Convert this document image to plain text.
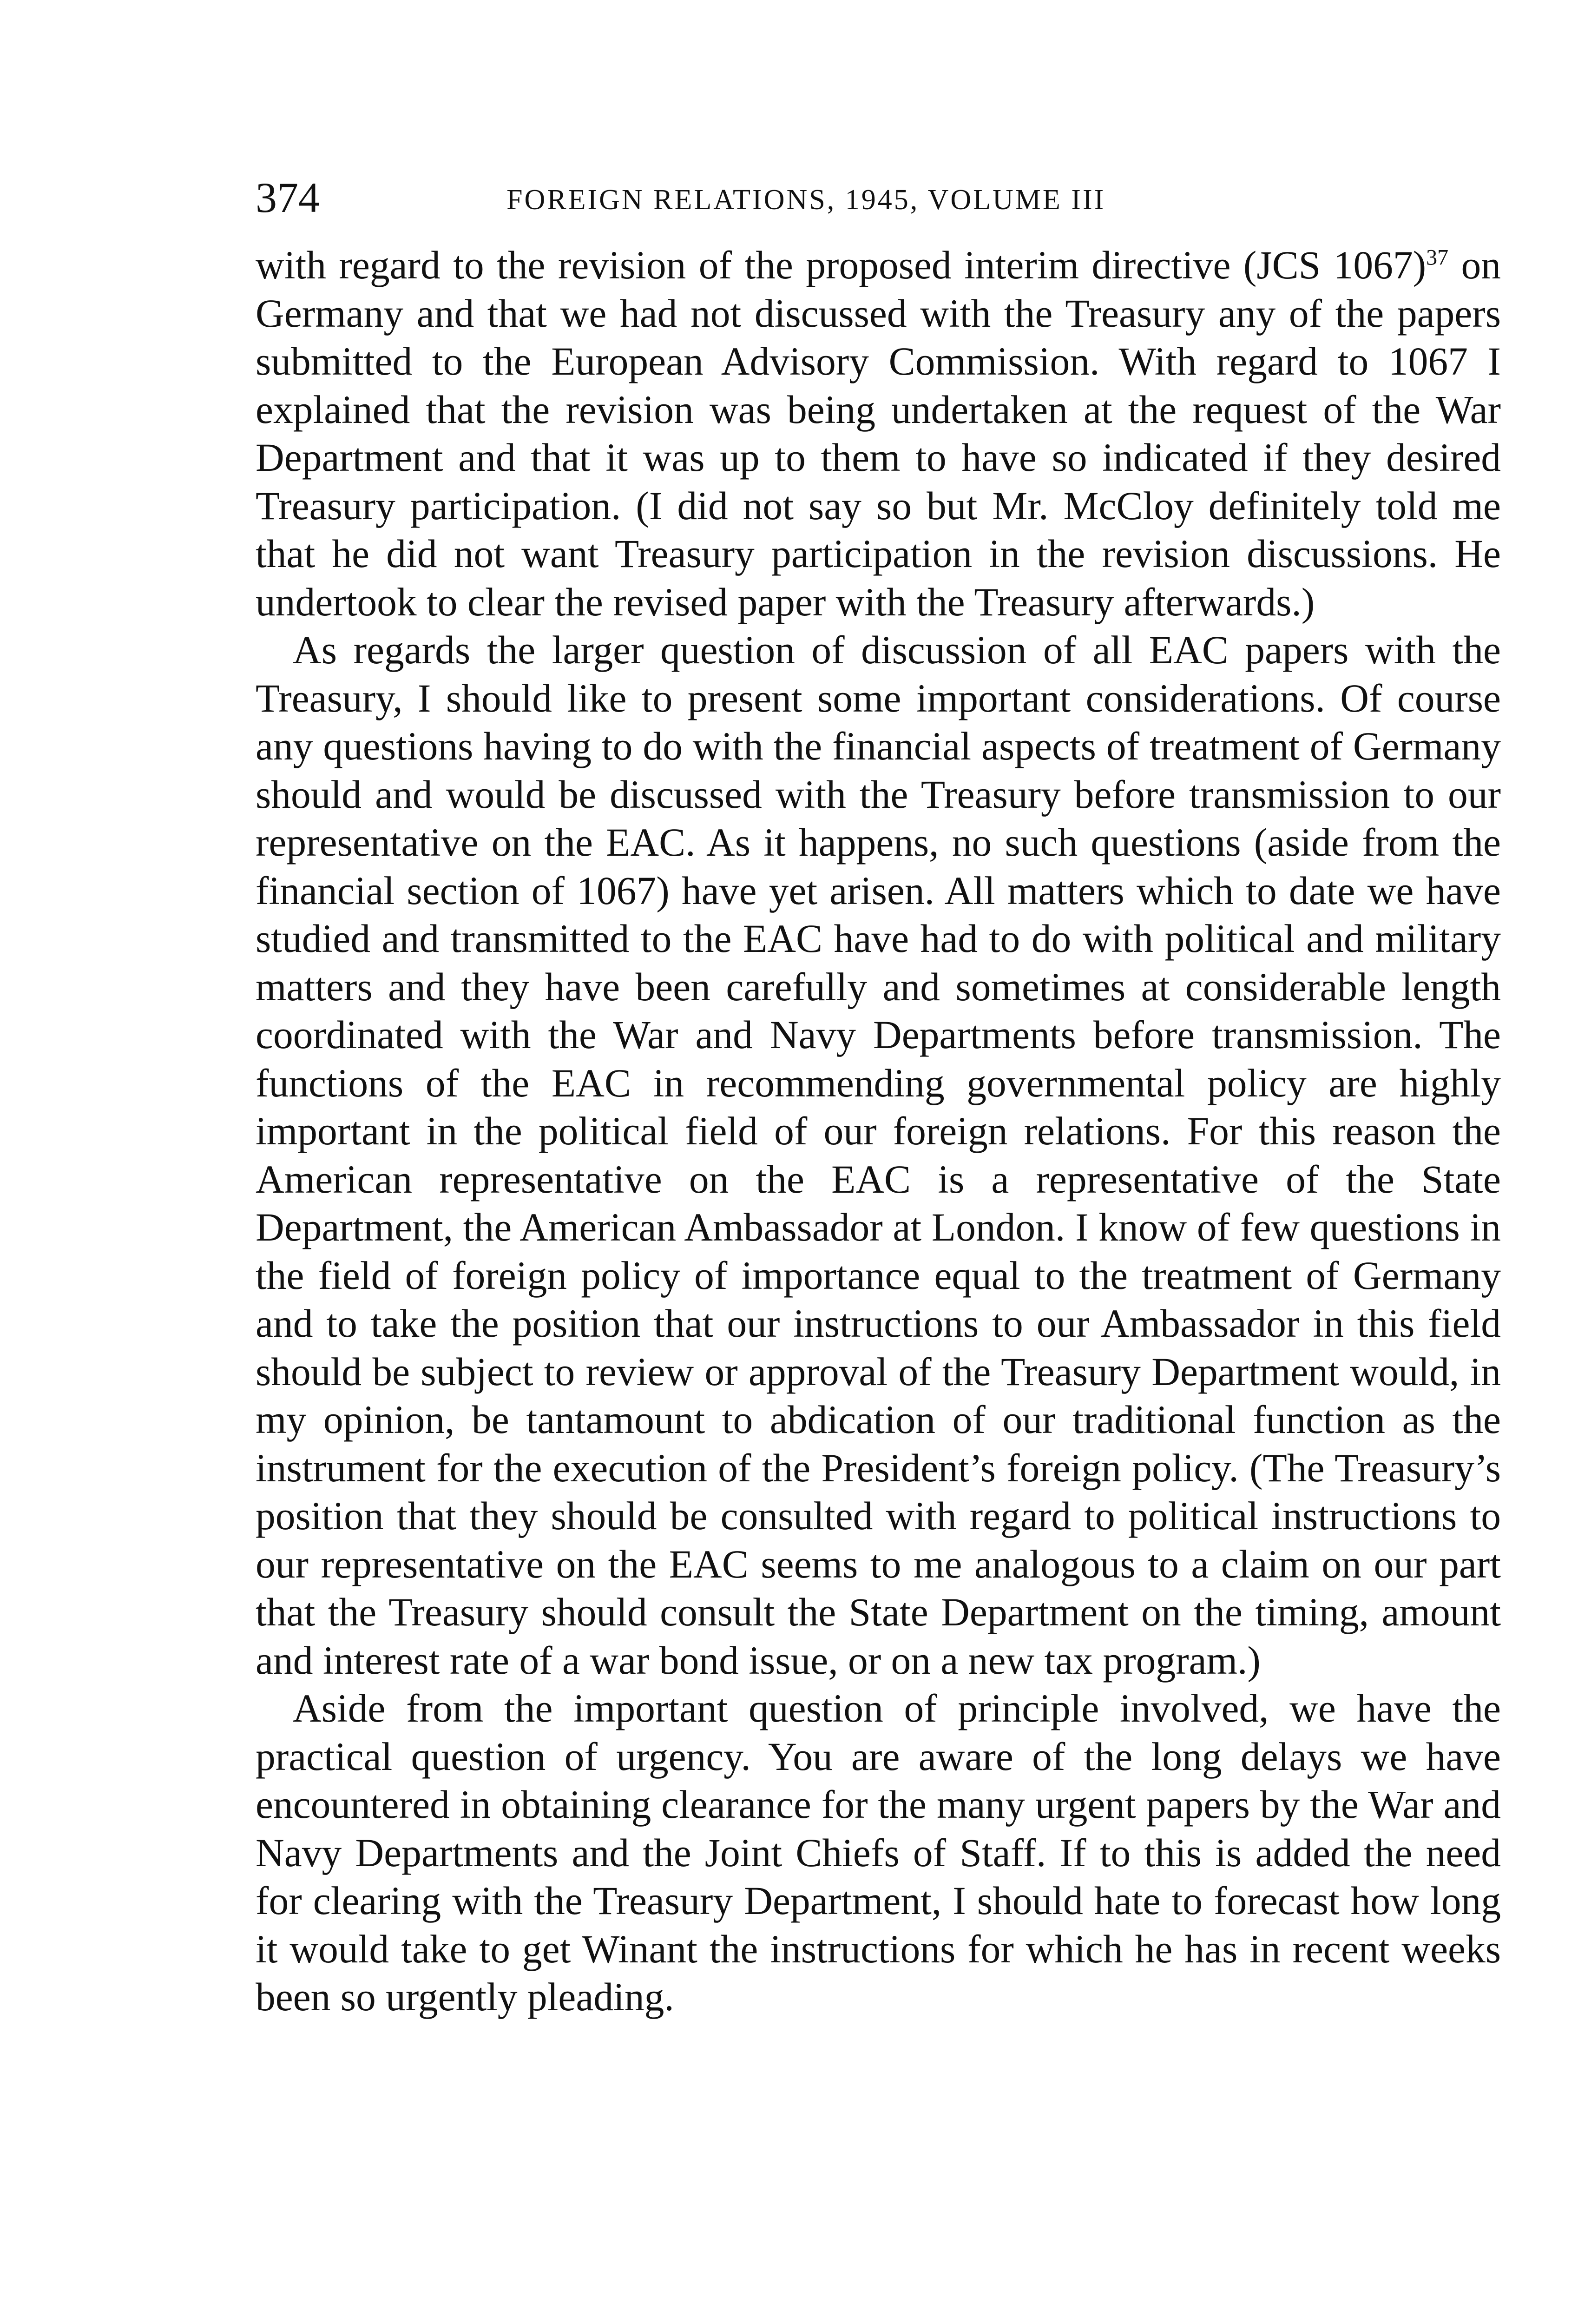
374	FOREIGN RELATIONS, 1945, VOLUME III

with regard to the revision of the proposed interim directive (JCS 1067)$^{37}$ on Germany and that we had not discussed with the Treasury any of the papers submitted to the European Advisory Commission. With regard to 1067 I explained that the revision was being undertaken at the request of the War Department and that it was up to them to have so indicated if they desired Treasury participation. (I did not say so but Mr. McCloy definitely told me that he did not want Treasury participation in the revision discussions. He undertook to clear the revised paper with the Treasury afterwards.)

As regards the larger question of discussion of all EAC papers with the Treasury, I should like to present some important considerations. Of course any questions having to do with the financial aspects of treatment of Germany should and would be discussed with the Treasury before transmission to our representative on the EAC. As it happens, no such questions (aside from the financial section of 1067) have yet arisen. All matters which to date we have studied and transmitted to the EAC have had to do with political and military matters and they have been carefully and sometimes at considerable length coordinated with the War and Navy Departments before transmission. The functions of the EAC in recommending governmental policy are highly important in the political field of our foreign relations. For this reason the American representative on the EAC is a representative of the State Department, the American Ambassador at London. I know of few questions in the field of foreign policy of importance equal to the treatment of Germany and to take the position that our instructions to our Ambassador in this field should be subject to review or approval of the Treasury Department would, in my opinion, be tantamount to abdication of our traditional function as the instrument for the execution of the President’s foreign policy. (The Treasury’s position that they should be consulted with regard to political instructions to our representative on the EAC seems to me analogous to a claim on our part that the Treasury should consult the State Department on the timing, amount and interest rate of a war bond issue, or on a new tax program.)

Aside from the important question of principle involved, we have the practical question of urgency. You are aware of the long delays we have encountered in obtaining clearance for the many urgent papers by the War and Navy Departments and the Joint Chiefs of Staff. If to this is added the need for clearing with the Treasury Department, I should hate to forecast how long it would take to get Winant the instructions for which he has in recent weeks been so urgently pleading.
